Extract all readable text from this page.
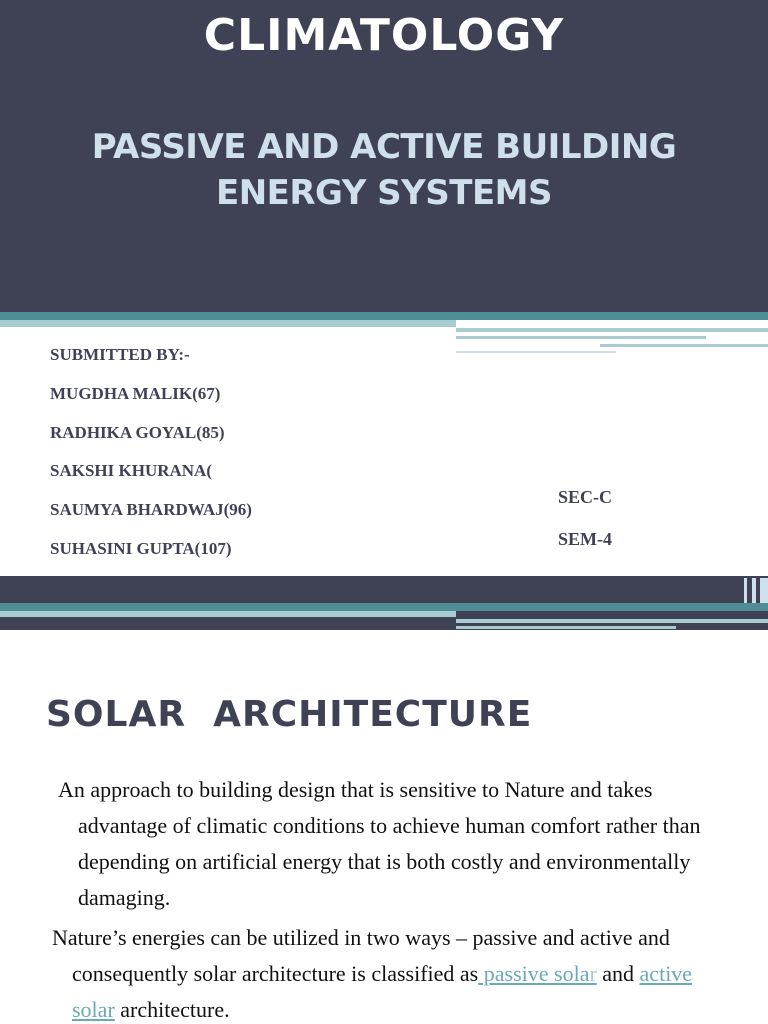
CLIMATOLOGY
PASSIVE AND ACTIVE BUILDING ENERGY SYSTEMS
SUBMITTED BY:-
MUGDHA MALIK(67)
RADHIKA GOYAL(85)
SAKSHI KHURANA(
SAUMYA BHARDWAJ(96)
SUHASINI GUPTA(107)
SEC-C
SEM-4
SOLAR  ARCHITECTURE
An approach to building design that is sensitive to Nature and takes
advantage of climatic conditions to achieve human comfort rather than depending on artificial energy that is both costly and environmentally damaging.
Nature’s energies can be utilized in two ways – passive and active and
consequently solar architecture is classified as passive solar and active solar architecture.
